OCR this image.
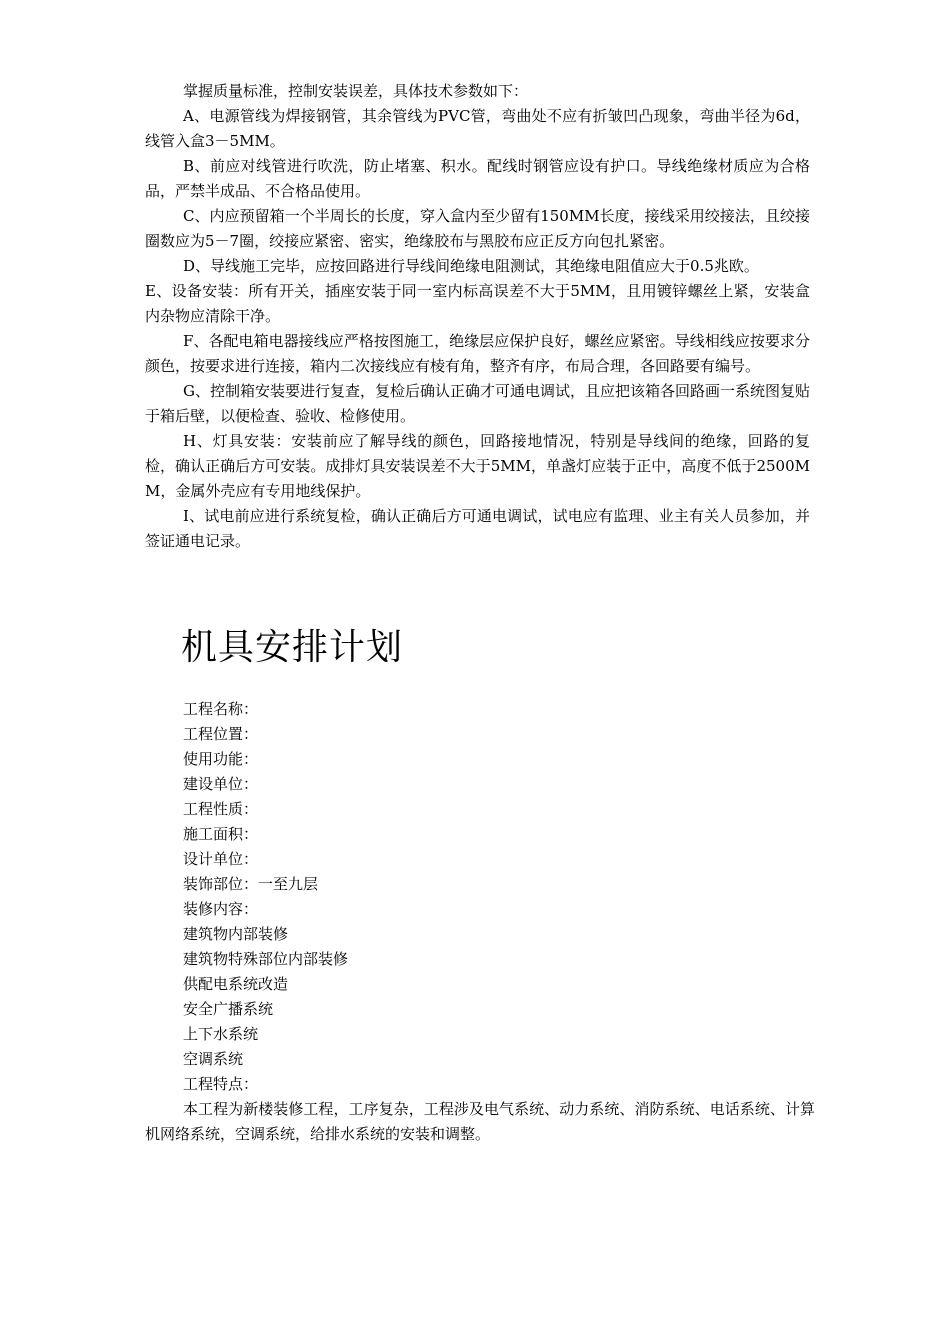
掌握质量标准，控制安装误差，具体技术参数如下：

A、电源管线为焊接钢管，其余管线为PVC管，弯曲处不应有折皱凹凸现象，弯曲半径为6d，线管入盒3－5MM。

B、前应对线管进行吹洗，防止堵塞、积水。配线时钢管应设有护口。导线绝缘材质应为合格品，严禁半成品、不合格品使用。

C、内应预留箱一个半周长的长度，穿入盒内至少留有150MM长度，接线采用绞接法，且绞接圈数应为5－7圈，绞接应紧密、密实，绝缘胶布与黑胶布应正反方向包扎紧密。

D、导线施工完毕，应按回路进行导线间绝缘电阻测试，其绝缘电阻值应大于0.5兆欧。

E、设备安装：所有开关，插座安装于同一室内标高误差不大于5MM，且用镀锌螺丝上紧，安装盒内杂物应清除干净。

F、各配电箱电器接线应严格按图施工，绝缘层应保护良好，螺丝应紧密。导线相线应按要求分颜色，按要求进行连接，箱内二次接线应有棱有角，整齐有序，布局合理，各回路要有编号。

G、控制箱安装要进行复查，复检后确认正确才可通电调试，且应把该箱各回路画一系统图复贴于箱后壁，以便检查、验收、检修使用。

H、灯具安装：安装前应了解导线的颜色，回路接地情况，特别是导线间的绝缘，回路的复检，确认正确后方可安装。成排灯具安装误差不大于5MM，单盏灯应装于正中，高度不低于2500MM，金属外壳应有专用地线保护。

I、试电前应进行系统复检，确认正确后方可通电调试，试电应有监理、业主有关人员参加，并签证通电记录。

机具安排计划

工程名称：

工程位置：

使用功能：

建设单位：

工程性质：

施工面积：

设计单位：

装饰部位：一至九层

装修内容：

建筑物内部装修

建筑物特殊部位内部装修

供配电系统改造

安全广播系统

上下水系统

空调系统

工程特点：

本工程为新楼装修工程，工序复杂，工程涉及电气系统、动力系统、消防系统、电话系统、计算机网络系统，空调系统，给排水系统的安装和调整。
